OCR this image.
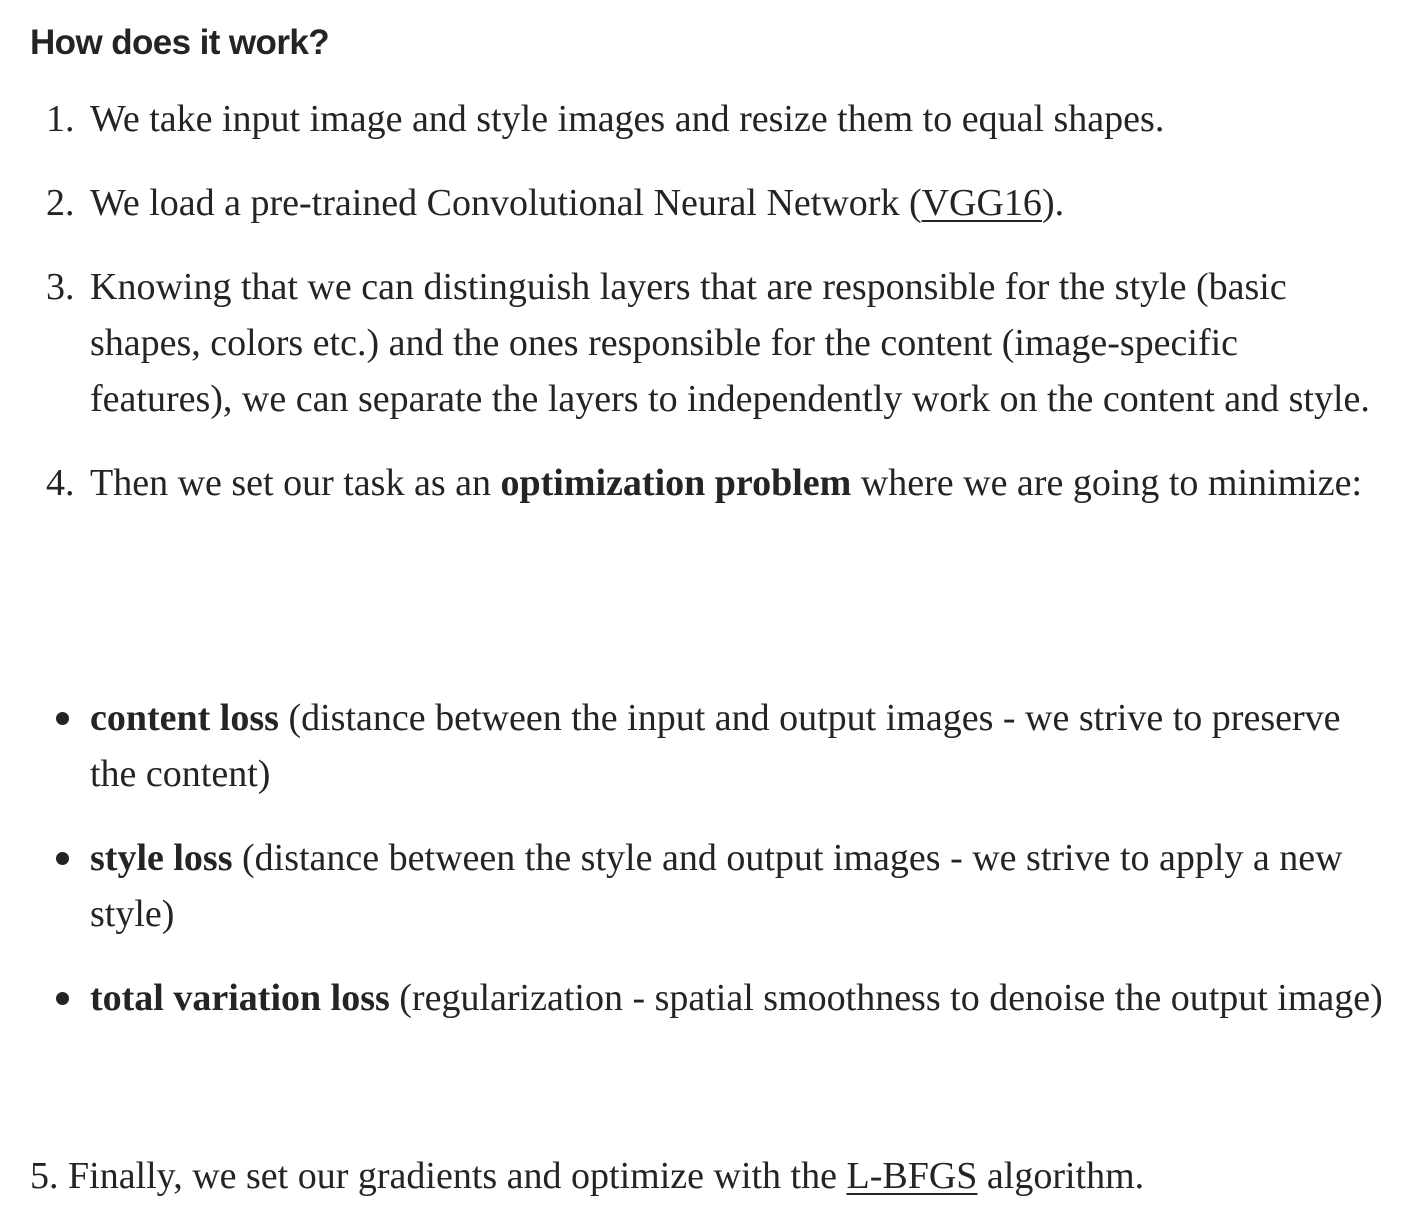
How does it work?
1. We take input image and style images and resize them to equal shapes.
2. We load a pre-trained Convolutional Neural Network (VGG16).
3. Knowing that we can distinguish layers that are responsible for the style (basic shapes, colors etc.) and the ones responsible for the content (image-specific features), we can separate the layers to independently work on the content and style.
4. Then we set our task as an optimization problem where we are going to minimize:
content loss (distance between the input and output images - we strive to preserve the content)
style loss (distance between the style and output images - we strive to apply a new style)
total variation loss (regularization - spatial smoothness to denoise the output image)

5. Finally, we set our gradients and optimize with the L-BFGS algorithm.
